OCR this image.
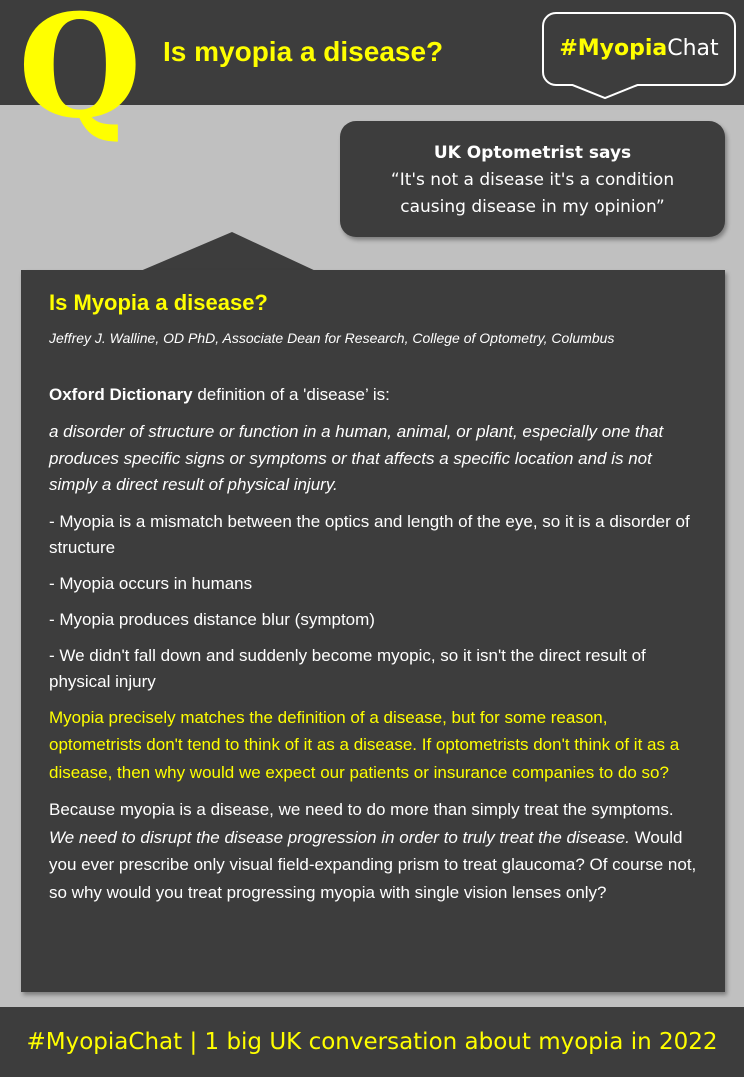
Q Is myopia a disease?	#MyopiaChat
UK Optometrist says
“It's not a disease it's a condition causing disease in my opinion”
Is Myopia a disease?
Jeffrey J. Walline, OD PhD, Associate Dean for Research, College of Optometry, Columbus

Oxford Dictionary definition of a 'disease’ is:

a disorder of structure or function in a human, animal, or plant, especially one that produces specific signs or symptoms or that affects a specific location and is not simply a direct result of physical injury.

- Myopia is a mismatch between the optics and length of the eye, so it is a disorder of structure

- Myopia occurs in humans

- Myopia produces distance blur (symptom)

- We didn't fall down and suddenly become myopic, so it isn't the direct result of physical injury

Myopia precisely matches the definition of a disease, but for some reason, optometrists don't tend to think of it as a disease. If optometrists don't think of it as a disease, then why would we expect our patients or insurance companies to do so?

Because myopia is a disease, we need to do more than simply treat the symptoms. We need to disrupt the disease progression in order to truly treat the disease. Would you ever prescribe only visual field-expanding prism to treat glaucoma? Of course not, so why would you treat progressing myopia with single vision lenses only?

#MyopiaChat | 1 big UK conversation about myopia in 2022
